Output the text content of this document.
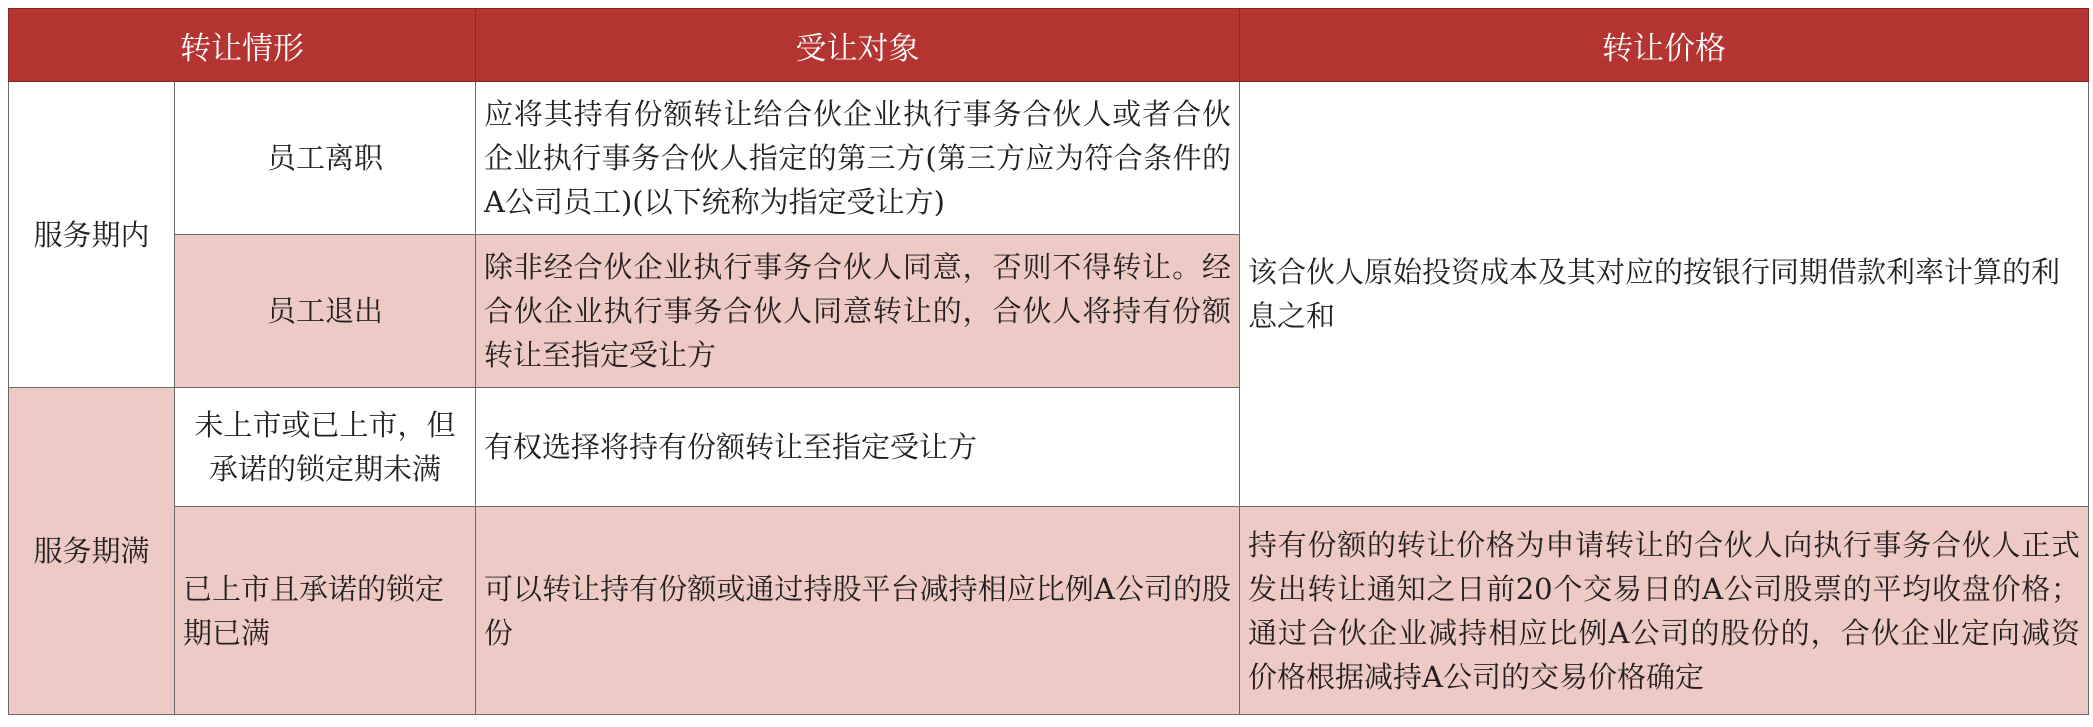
转让情形		受让对象	转让价格
服务期内	员工离职	应将其持有份额转让给合伙企业执行事务合伙人或者合伙企业执行事务合伙人指定的第三方(第三方应为符合条件的A公司员工)(以下统称为指定受让方)	该合伙人原始投资成本及其对应的按银行同期借款利率计算的利息之和
	员工退出	除非经合伙企业执行事务合伙人同意，否则不得转让。经合伙企业执行事务合伙人同意转让的，合伙人将持有份额转让至指定受让方	
服务期满	未上市或已上市，但承诺的锁定期未满	有权选择将持有份额转让至指定受让方	
	已上市且承诺的锁定期已满	可以转让持有份额或通过持股平台减持相应比例A公司的股份	持有份额的转让价格为申请转让的合伙人向执行事务合伙人正式发出转让通知之日前20个交易日的A公司股票的平均收盘价格；通过合伙企业减持相应比例A公司的股份的，合伙企业定向减资价格根据减持A公司的交易价格确定
